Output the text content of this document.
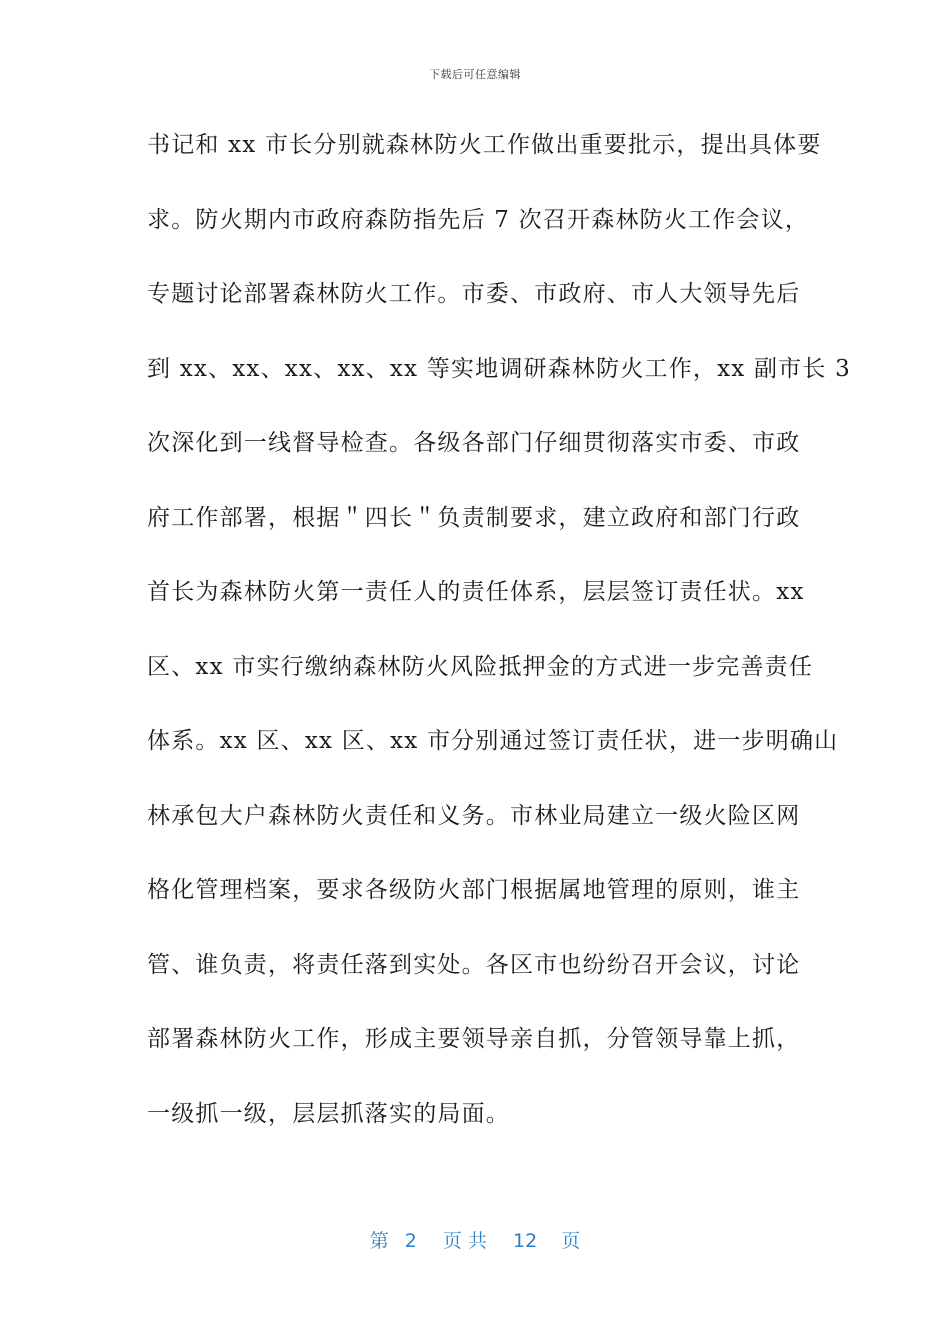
下载后可任意编辑
书记和 xx 市长分别就森林防火工作做出重要批示，提出具体要
求。防火期内市政府森防指先后 7 次召开森林防火工作会议，
专题讨论部署森林防火工作。市委、市政府、市人大领导先后
到 xx、xx、xx、xx、xx 等实地调研森林防火工作，xx 副市长 3
次深化到一线督导检查。各级各部门仔细贯彻落实市委、市政
府工作部署，根据＂四长＂负责制要求，建立政府和部门行政
首长为森林防火第一责任人的责任体系，层层签订责任状。xx
区、xx 市实行缴纳森林防火风险抵押金的方式进一步完善责任
体系。xx 区、xx 区、xx 市分别通过签订责任状，进一步明确山
林承包大户森林防火责任和义务。市林业局建立一级火险区网
格化管理档案，要求各级防火部门根据属地管理的原则，谁主
管、谁负责，将责任落到实处。各区市也纷纷召开会议，讨论
部署森林防火工作，形成主要领导亲自抓，分管领导靠上抓，
一级抓一级，层层抓落实的局面。
第 2 页 共 12 页
